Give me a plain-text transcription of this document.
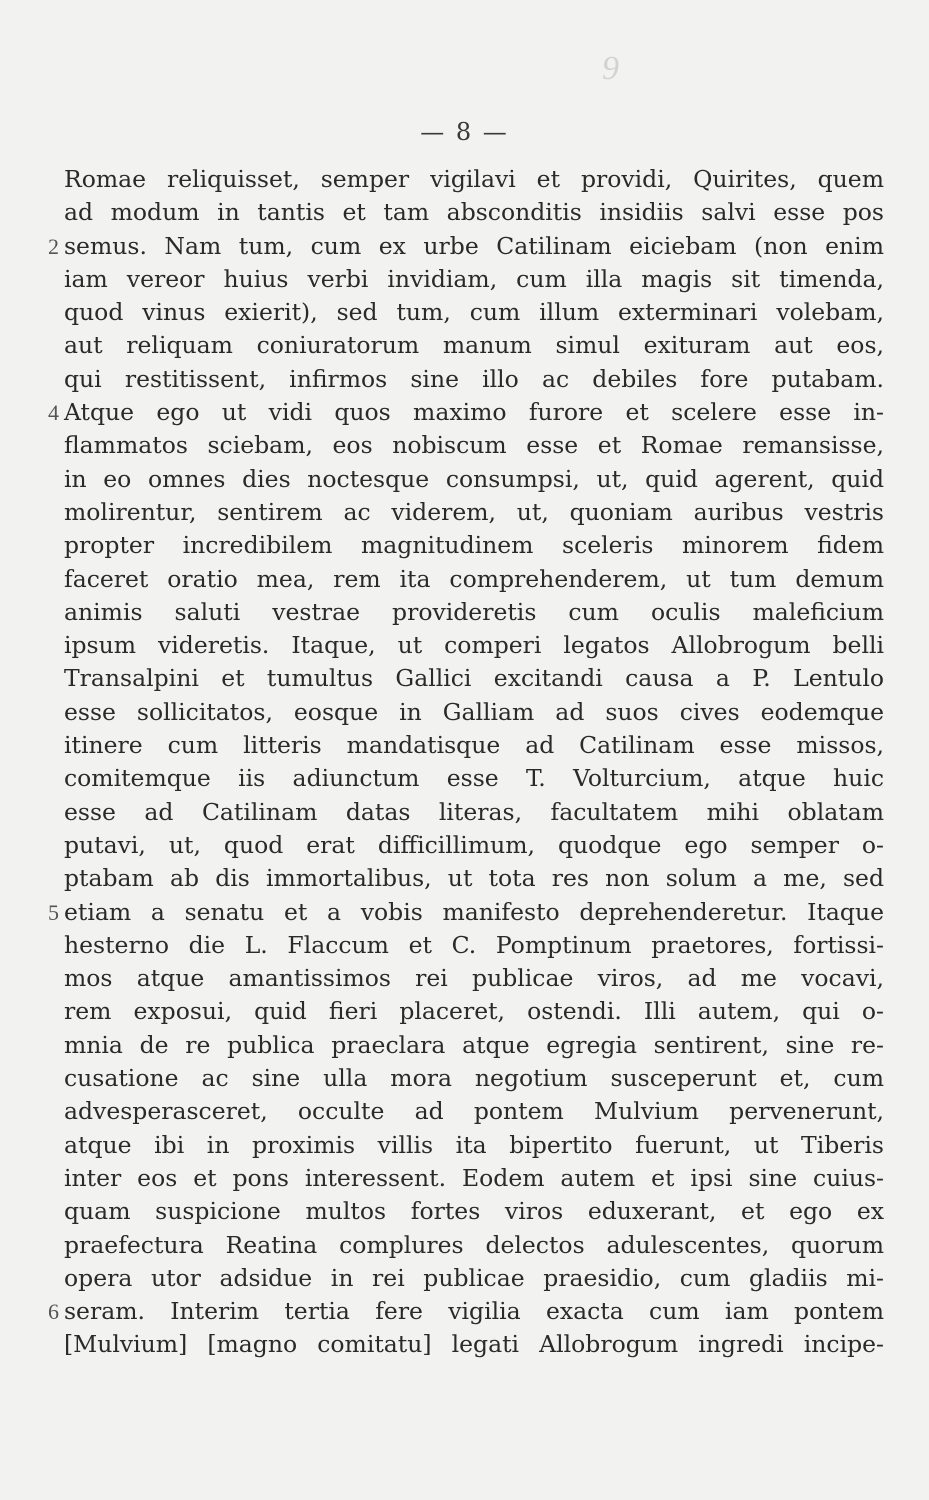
9
— 8 —
Romae reliquisset, semper vigilavi et providi, Quirites, quem
ad modum in tantis et tam absconditis insidiis salvi esse pos
2 semus. Nam tum, cum ex urbe Catilinam eiciebam (non enim
iam vereor huius verbi invidiam, cum illa magis sit timenda,
quod vinus exierit), sed tum, cum illum exterminari volebam,
aut reliquam coniuratorum manum simul exituram aut eos,
qui restitissent, infirmos sine illo ac debiles fore putabam.
4 Atque ego ut vidi quos maximo furore et scelere esse in-
flammatos sciebam, eos nobiscum esse et Romae remansisse,
in eo omnes dies noctesque consumpsi, ut, quid agerent, quid
molirentur, sentirem ac viderem, ut, quoniam auribus vestris
propter incredibilem magnitudinem sceleris minorem fidem
faceret oratio mea, rem ita comprehenderem, ut tum demum
animis saluti vestrae provideretis cum oculis maleficium
ipsum videretis. Itaque, ut comperi legatos Allobrogum belli
Transalpini et tumultus Gallici excitandi causa a P. Lentulo
esse sollicitatos, eosque in Galliam ad suos cives eodemque
itinere cum litteris mandatisque ad Catilinam esse missos,
comitemque iis adiunctum esse T. Volturcium, atque huic
esse ad Catilinam datas literas, facultatem mihi oblatam
putavi, ut, quod erat difficillimum, quodque ego semper o-
ptabam ab dis immortalibus, ut tota res non solum a me, sed
5 etiam a senatu et a vobis manifesto deprehenderetur. Itaque
hesterno die L. Flaccum et C. Pomptinum praetores, fortissi-
mos atque amantissimos rei publicae viros, ad me vocavi,
rem exposui, quid fieri placeret, ostendi. Illi autem, qui o-
mnia de re publica praeclara atque egregia sentirent, sine re-
cusatione ac sine ulla mora negotium susceperunt et, cum
advesperasceret, occulte ad pontem Mulvium pervenerunt,
atque ibi in proximis villis ita bipertito fuerunt, ut Tiberis
inter eos et pons interessent. Eodem autem et ipsi sine cuius-
quam suspicione multos fortes viros eduxerant, et ego ex
praefectura Reatina complures delectos adulescentes, quorum
opera utor adsidue in rei publicae praesidio, cum gladiis mi-
6 seram. Interim tertia fere vigilia exacta cum iam pontem
[Mulvium] [magno comitatu] legati Allobrogum ingredi incipe-
